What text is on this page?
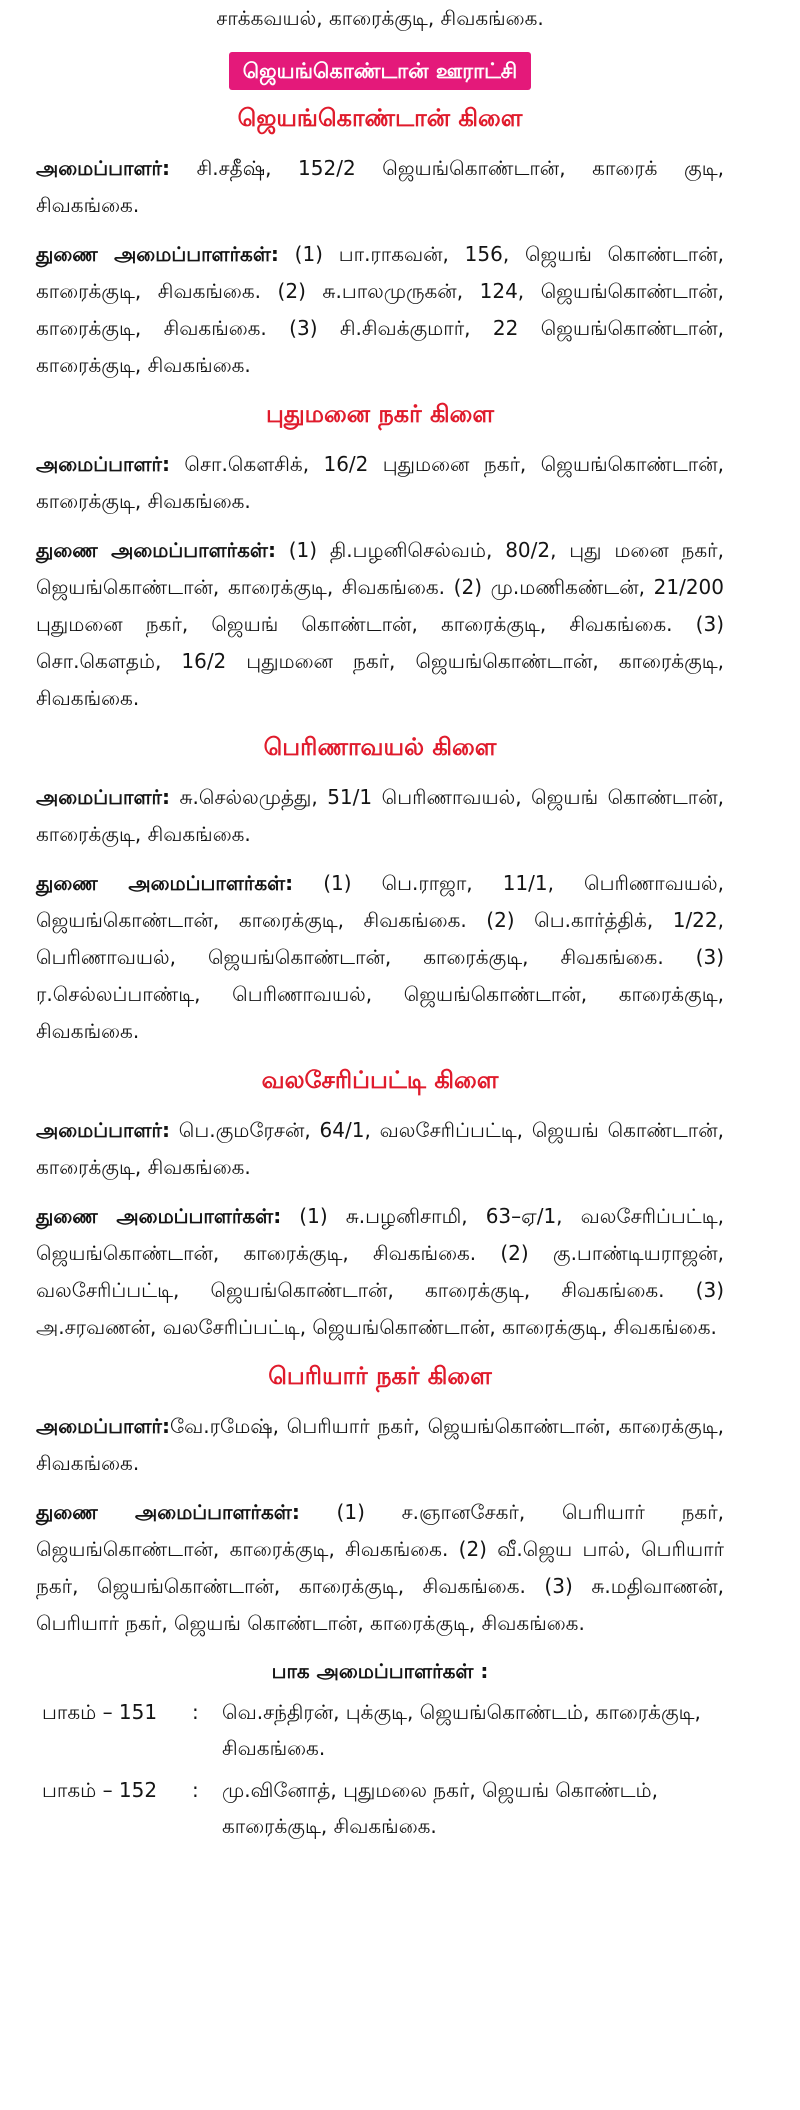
சாக்கவயல், காரைக்குடி, சிவகங்கை.

ஜெயங்கொண்டான் ஊராட்சி
ஜெயங்கொண்டான் கிளை

அமைப்பாளர்: சி.சதீஷ், 152/2 ஜெயங்கொண்டான், காரைக் குடி, சிவகங்கை.

துணை அமைப்பாளர்கள்: (1) பா.ராகவன், 156, ஜெயங் கொண்டான், காரைக்குடி, சிவகங்கை. (2) சு.பாலமுருகன், 124, ஜெயங்கொண்டான், காரைக்குடி, சிவகங்கை. (3) சி.சிவக்குமார், 22 ஜெயங்கொண்டான், காரைக்குடி, சிவகங்கை.

புதுமனை நகர் கிளை

அமைப்பாளர்: சொ.கௌசிக், 16/2 புதுமனை நகர், ஜெயங்கொண்டான், காரைக்குடி, சிவகங்கை.

துணை அமைப்பாளர்கள்: (1) தி.பழனிசெல்வம், 80/2, புது மனை நகர், ஜெயங்கொண்டான், காரைக்குடி, சிவகங்கை. (2) மு.மணிகண்டன், 21/200 புதுமனை நகர், ஜெயங் கொண்டான், காரைக்குடி, சிவகங்கை. (3) சொ.கௌதம், 16/2 புதுமனை நகர், ஜெயங்கொண்டான், காரைக்குடி, சிவகங்கை.

பெரிணாவயல் கிளை

அமைப்பாளர்: சு.செல்லமுத்து, 51/1 பெரிணாவயல், ஜெயங் கொண்டான், காரைக்குடி, சிவகங்கை.

துணை அமைப்பாளர்கள்: (1) பெ.ராஜா, 11/1, பெரிணாவயல், ஜெயங்கொண்டான், காரைக்குடி, சிவகங்கை. (2) பெ.கார்த்திக், 1/22, பெரிணாவயல், ஜெயங்கொண்டான், காரைக்குடி, சிவகங்கை. (3) ர.செல்லப்பாண்டி, பெரிணாவயல், ஜெயங்கொண்டான், காரைக்குடி, சிவகங்கை.

வலசேரிப்பட்டி கிளை

அமைப்பாளர்: பெ.குமரேசன், 64/1, வலசேரிப்பட்டி, ஜெயங் கொண்டான், காரைக்குடி, சிவகங்கை.

துணை அமைப்பாளர்கள்: (1) சு.பழனிசாமி, 63–ஏ/1, வலசேரிப்பட்டி, ஜெயங்கொண்டான், காரைக்குடி, சிவகங்கை. (2) கு.பாண்டியராஜன், வலசேரிப்பட்டி, ஜெயங்கொண்டான், காரைக்குடி, சிவகங்கை. (3) அ.சரவணன், வலசேரிப்பட்டி, ஜெயங்கொண்டான், காரைக்குடி, சிவகங்கை.

பெரியார் நகர் கிளை

அமைப்பாளர்:வே.ரமேஷ், பெரியார் நகர், ஜெயங்கொண்டான், காரைக்குடி, சிவகங்கை.

துணை அமைப்பாளர்கள்: (1) ச.ஞானசேகர், பெரியார் நகர், ஜெயங்கொண்டான், காரைக்குடி, சிவகங்கை. (2) வீ.ஜெய பால், பெரியார் நகர், ஜெயங்கொண்டான், காரைக்குடி, சிவகங்கை. (3) சு.மதிவாணன், பெரியார் நகர், ஜெயங் கொண்டான், காரைக்குடி, சிவகங்கை.

பாக அமைப்பாளர்கள் :
பாகம் – 151	:	வெ.சந்திரன், புக்குடி, ஜெயங்கொண்டம், காரைக்குடி, சிவகங்கை.
பாகம் – 152	:	மு.வினோத், புதுமலை நகர், ஜெயங் கொண்டம், காரைக்குடி, சிவகங்கை.
